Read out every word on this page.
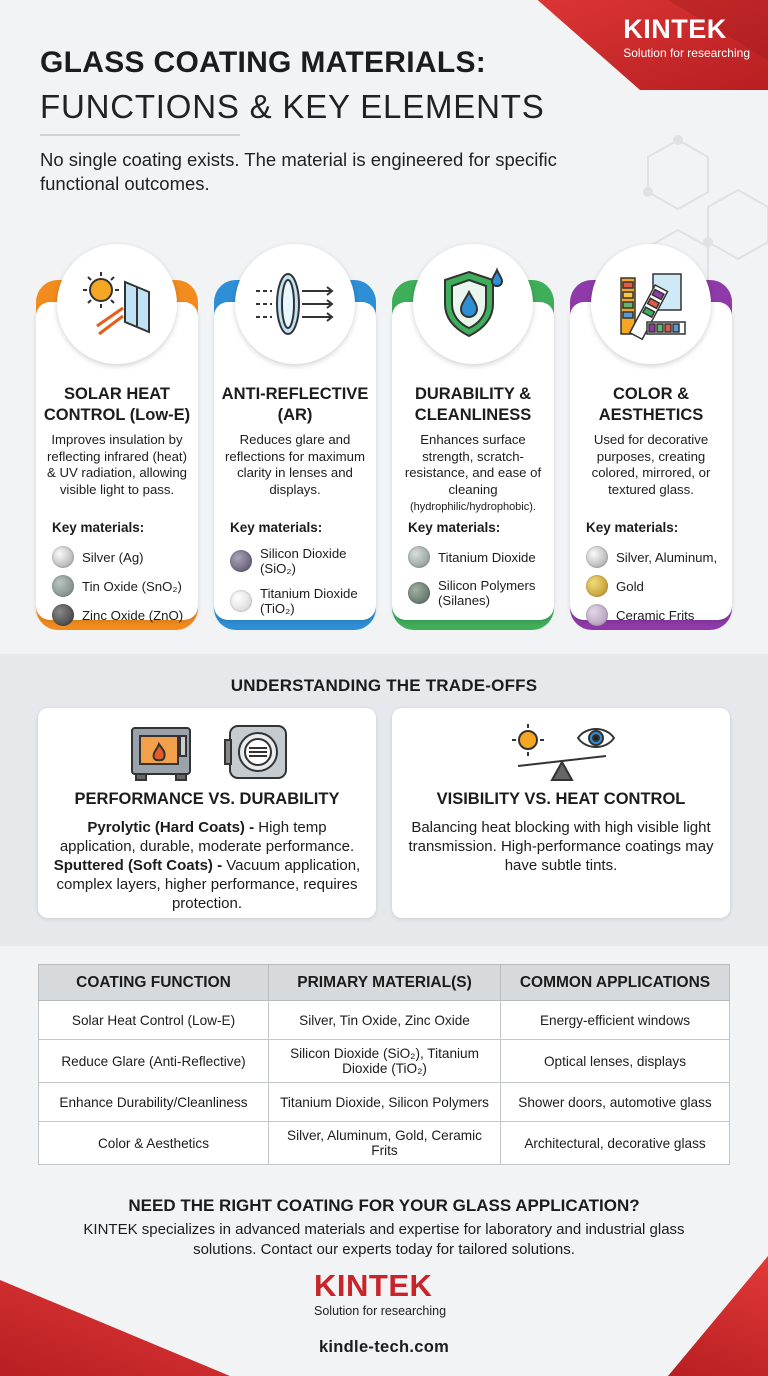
KINTEK
Solution for researching
GLASS COATING MATERIALS:
FUNCTIONS & KEY ELEMENTS
No single coating exists. The material is engineered for specific functional outcomes.
SOLAR HEAT CONTROL (Low-E)
Improves insulation by reflecting infrared (heat) & UV radiation, allowing visible light to pass.
Key materials:
Silver (Ag)
Tin Oxide (SnO₂)
Zinc Oxide (ZnO)
ANTI-REFLECTIVE (AR)
Reduces glare and reflections for maximum clarity in lenses and displays.
Key materials:
Silicon Dioxide (SiO₂)
Titanium Dioxide (TiO₂)
DURABILITY & CLEANLINESS
Enhances surface strength, scratch-resistance, and ease of cleaning
(hydrophilic/hydrophobic).
Key materials:
Titanium Dioxide
Silicon Polymers (Silanes)
COLOR & AESTHETICS
Used for decorative purposes, creating colored, mirrored, or textured glass.
Key materials:
Silver, Aluminum,
Gold
Ceramic Frits
UNDERSTANDING THE TRADE-OFFS
PERFORMANCE VS. DURABILITY

Pyrolytic (Hard Coats) - High temp application, durable, moderate performance.
Sputtered (Soft Coats) - Vacuum application, complex layers, higher performance, requires protection.

VISIBILITY VS. HEAT CONTROL

Balancing heat blocking with high visible light transmission. High-performance coatings may have subtle tints.

COATING FUNCTION	PRIMARY MATERIAL(S)	COMMON APPLICATIONS
Solar Heat Control (Low-E)	Silver, Tin Oxide, Zinc Oxide	Energy-efficient windows
Reduce Glare (Anti-Reflective)	Silicon Dioxide (SiO₂), Titanium Dioxide (TiO₂)	Optical lenses, displays
Enhance Durability/Cleanliness	Titanium Dioxide, Silicon Polymers	Shower doors, automotive glass
Color & Aesthetics	Silver, Aluminum, Gold, Ceramic Frits	Architectural, decorative glass
NEED THE RIGHT COATING FOR YOUR GLASS APPLICATION?
KINTEK specializes in advanced materials and expertise for laboratory and industrial glass solutions. Contact our experts today for tailored solutions.
KINTEK
Solution for researching
kindle-tech.com
